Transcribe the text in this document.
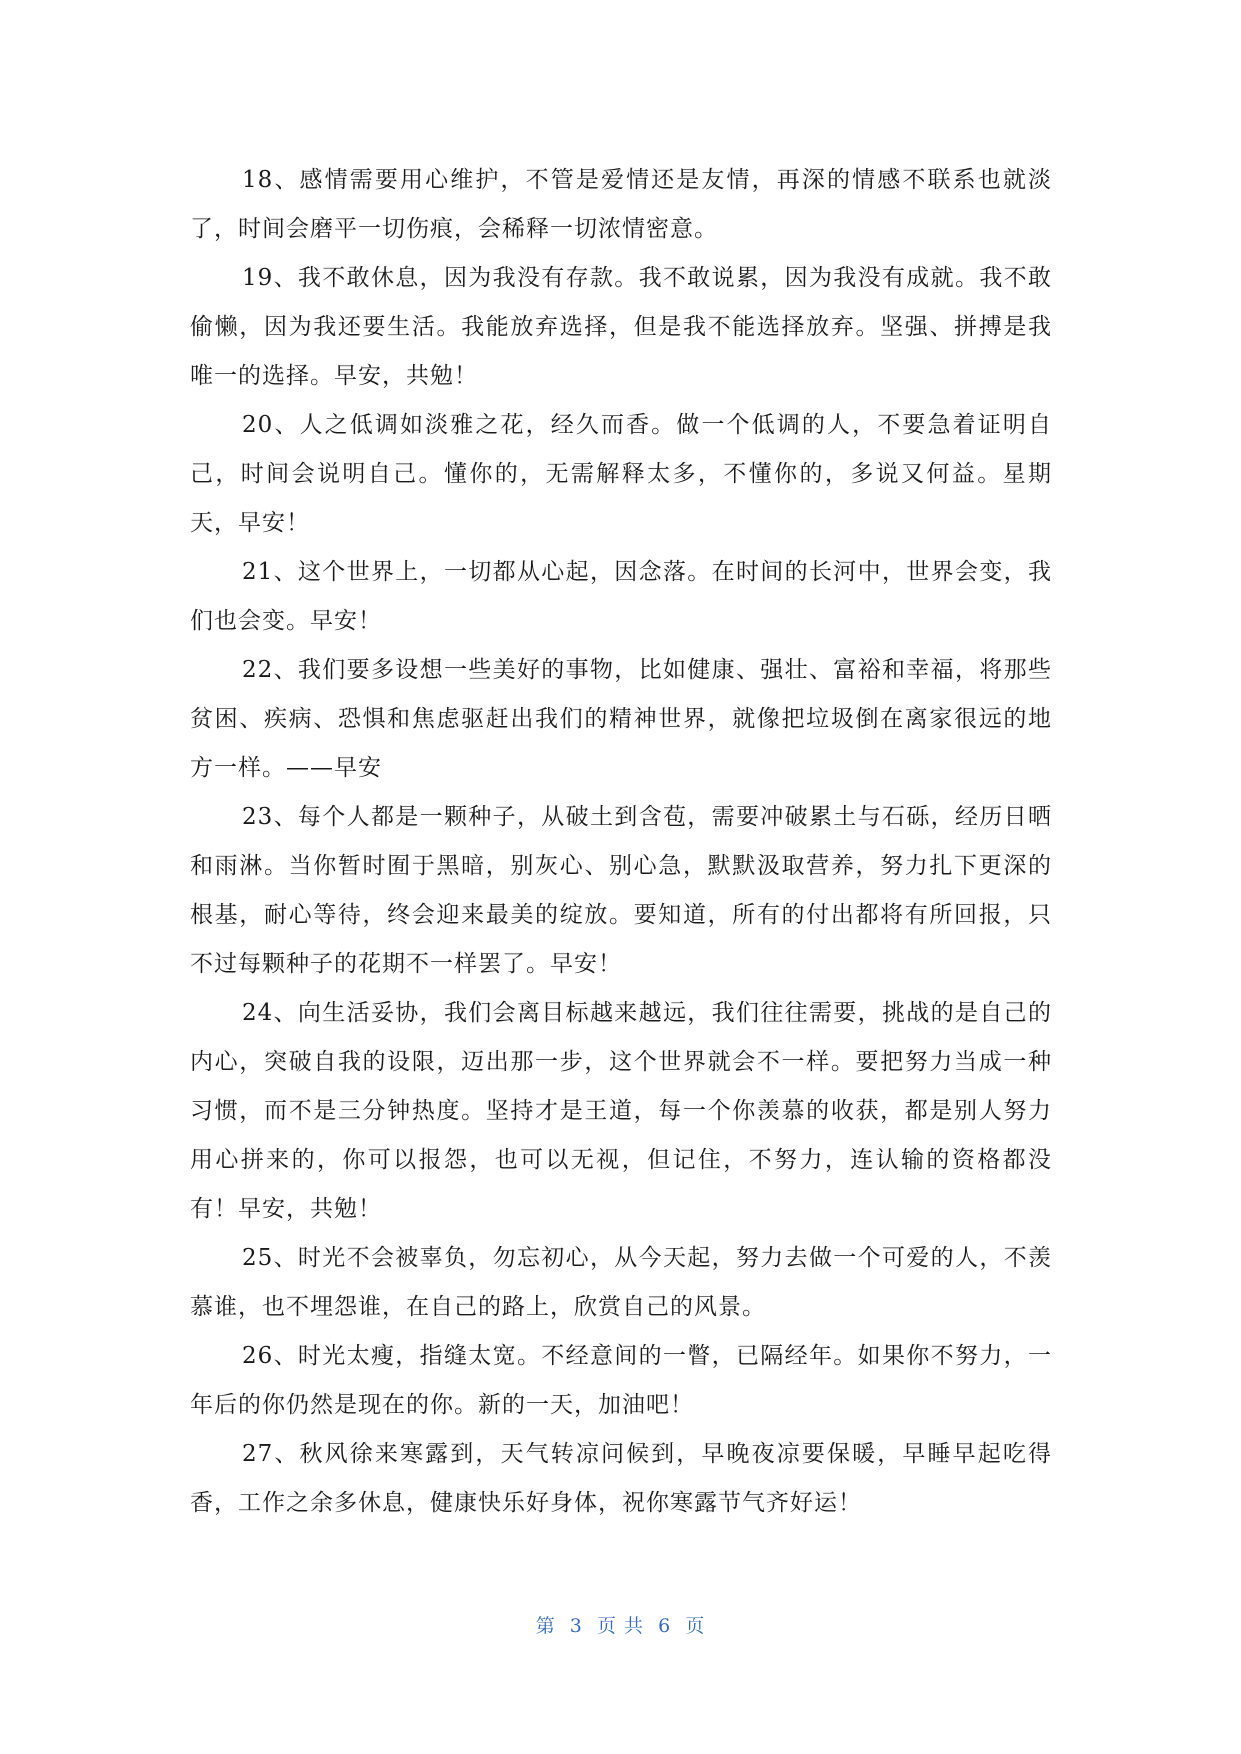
18、感情需要用心维护，不管是爱情还是友情，再深的情感不联系也就淡了，时间会磨平一切伤痕，会稀释一切浓情密意。

19、我不敢休息，因为我没有存款。我不敢说累，因为我没有成就。我不敢偷懒，因为我还要生活。我能放弃选择，但是我不能选择放弃。坚强、拼搏是我唯一的选择。早安，共勉！

20、人之低调如淡雅之花，经久而香。做一个低调的人，不要急着证明自己，时间会说明自己。懂你的，无需解释太多，不懂你的，多说又何益。星期天，早安！

21、这个世界上，一切都从心起，因念落。在时间的长河中，世界会变，我们也会变。早安！

22、我们要多设想一些美好的事物，比如健康、强壮、富裕和幸福，将那些贫困、疾病、恐惧和焦虑驱赶出我们的精神世界，就像把垃圾倒在离家很远的地方一样。——早安

23、每个人都是一颗种子，从破土到含苞，需要冲破累土与石砾，经历日晒和雨淋。当你暂时囿于黑暗，别灰心、别心急，默默汲取营养，努力扎下更深的根基，耐心等待，终会迎来最美的绽放。要知道，所有的付出都将有所回报，只不过每颗种子的花期不一样罢了。早安！

24、向生活妥协，我们会离目标越来越远，我们往往需要，挑战的是自己的内心，突破自我的设限，迈出那一步，这个世界就会不一样。要把努力当成一种习惯，而不是三分钟热度。坚持才是王道，每一个你羡慕的收获，都是别人努力用心拼来的，你可以报怨，也可以无视，但记住，不努力，连认输的资格都没有！早安，共勉！

25、时光不会被辜负，勿忘初心，从今天起，努力去做一个可爱的人，不羡慕谁，也不埋怨谁，在自己的路上，欣赏自己的风景。

26、时光太瘦，指缝太宽。不经意间的一瞥，已隔经年。如果你不努力，一年后的你仍然是现在的你。新的一天，加油吧！

27、秋风徐来寒露到，天气转凉问候到，早晚夜凉要保暖，早睡早起吃得香，工作之余多休息，健康快乐好身体，祝你寒露节气齐好运！

第  3  页 共  6  页
